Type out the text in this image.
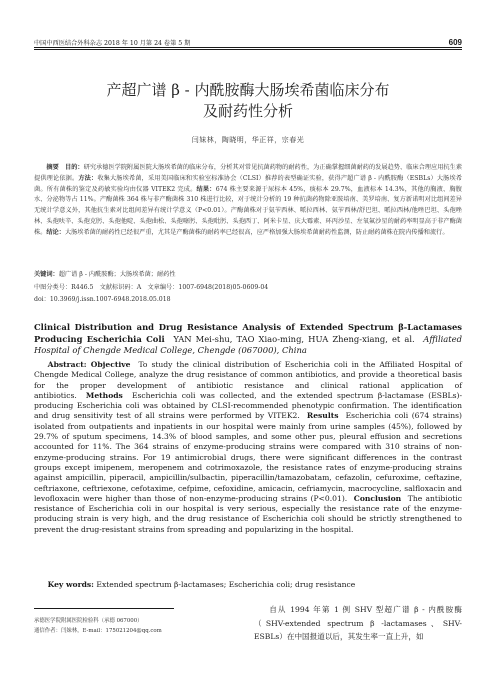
中国中西医结合外科杂志 2018 年 10 月第 24 卷第 5 期	609
产超广谱 β - 内酰胺酶大肠埃希菌临床分布
及耐药性分析
闫妹林，陶晓明，华正祥，宗春光
摘要　目的：研究承德医学院附属医院大肠埃希菌的临床分布，分析其对常见抗菌药物的耐药性，为正确掌握细菌耐药的发展趋势、临床合理应用抗生素提供理论依据。方法：收集大肠埃希菌，采用美国临床和实验室标准协会（CLSI）推荐的表型确证实验，获得产超广谱 β - 内酰胺酶（ESBLs）大肠埃希菌。所有菌株的鉴定及药敏实验均由仪器 VITEK2 完成。结果：674 株主要来源于尿标本 45%，痰标本 29.7%，血液标本 14.3%，其他的胸液、胸腹水、分泌物等占 11%。产酶菌株 364 株与非产酶菌株 310 株进行比较，对于统计分析的 19 种抗菌药物除亚胺培南、美罗培南、复方新诺明对比组间差异无统计学意义外，其他抗生素对比组间差异有统计学意义（P<0.01）。产酶菌株对于氨苄西林、哌拉西林、氨苄西林/舒巴坦、哌拉西林/他唑巴坦、头孢唑林、头孢呋辛、头孢克肟、头孢他啶、头孢曲松、头孢噻肟、头孢吡肟、头孢西丁、阿米卡星、庆大霉素、环丙沙星、左氧氟沙星的耐药率明显高于非产酶菌株。结论：大肠埃希菌的耐药性已经很严重，尤其是产酶菌株的耐药率已经很高，应严格加强大肠埃希菌耐药性监测，防止耐药菌株在院内传播和流行。
关键词：超广谱 β - 内酰胺酶；大肠埃希菌；耐药性
中图分类号：R446.5　文献标识码：A　文章编号：1007-6948(2018)05-0609-04
doi：10.3969/j.issn.1007-6948.2018.05.018
Clinical Distribution and Drug Resistance Analysis of Extended Spectrum β-Lactamases Producing Escherichia Coli YAN Mei-shu, TAO Xiao-ming, HUA Zheng-xiang, et al. Affiliated Hospital of Chengde Medical College, Chengde (067000), China
Abstract: Objective To study the clinical distribution of Escherichia coli in the Affiliated Hospital of Chengde Medical College, analyze the drug resistance of common antibiotics, and provide a theoretical basis for the proper development of antibiotic resistance and clinical rational application of antibiotics. Methods Escherichia coli was collected, and the extended spectrum β-lactamase (ESBLs)-producing Escherichia coli was obtained by CLSI-recommended phenotypic confirmation. The identification and drug sensitivity test of all strains were performed by VITEK2. Results Escherichia coli (674 strains) isolated from outpatients and inpatients in our hospital were mainly from urine samples (45%), followed by 29.7% of sputum specimens, 14.3% of blood samples, and some other pus, pleural effusion and secretions accounted for 11%. The 364 strains of enzyme-producing strains were compared with 310 strains of non-enzyme-producing strains. For 19 antimicrobial drugs, there were significant differences in the contrast groups except imipenem, meropenem and cotrimoxazole, the resistance rates of enzyme-producing strains against ampicillin, piperacil, ampicillin/sulbactin, piperacillin/tamazobatam, cefazolin, cefuroxime, ceftazine, ceftriaxone, ceftriexone, cefotaxime, cefpime, cefoxidine, amicacin, cefriamycin, macrocycline, salfloxacin and levofloxacin were higher than those of non-enzyme-producing strains (P<0.01). Conclusion The antibiotic resistance of Escherichia coli in our hospital is very serious, especially the resistance rate of the enzyme-producing strain is very high, and the drug resistance of Escherichia coli should be strictly strengthened to prevent the drug-resistant strains from spreading and popularizing in the hospital.
Key words: Extended spectrum β-lactamases; Escherichia coli; drug resistance
承德医学院附属医院检验科（承德 067000）
通信作者：闫妹林，E-mail：175021204@qq.com
自从 1994 年第 1 例 SHV 型超广谱 β - 内酰胺酶（SHV-extended spectrum β -lactamases、SHV-ESBLs）在中国报道以后，其发生率一直上升，如
